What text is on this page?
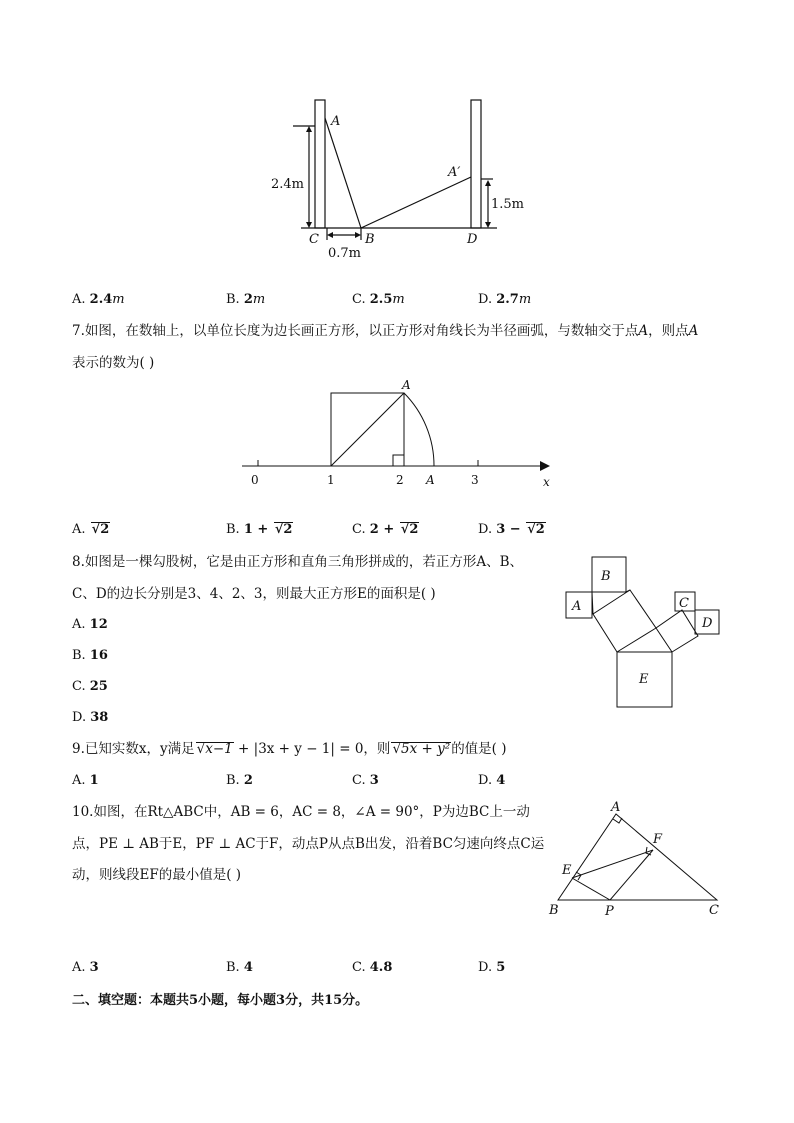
A
A′
B
C	D
2.4m
1.5m
0.7m
A. 2.4m	B. 2m	C. 2.5m	D. 2.7m
7.如图，在数轴上，以单位长度为边长画正方形，以正方形对角线长为半径画弧，与数轴交于点A，则点A
表示的数为( )
A
0	1	2 A	3	x
A. √ 2	B. 1 + √ 2	C. 2 + √ 2	D. 3 − √ 2
8.如图是一棵勾股树，它是由正方形和直角三角形拼成的，若正方形A、B、
C、D的边长分别是3、4、2、3，则最大正方形E的面积是( )
A. 12
B. 16
C. 25
D. 38
A
B
C
D
E
9.已知实数x，y满足 √ x−1 + |3x + y − 1| = 0，则 √ 5x + y²的值是( )
A. 1	B. 2	C. 3	D. 4
10.如图，在Rt△ABC中，AB = 6，AC = 8，∠A = 90°，P为边BC上一动
点，PE ⊥ AB于E，PF ⊥ AC于F，动点P从点B出发，沿着BC匀速向终点C运
动，则线段EF的最小值是( )
A
B	C
E
F
P
A. 3	B. 4	C. 4.8	D. 5
二、填空题：本题共5小题，每小题3分，共15分。
